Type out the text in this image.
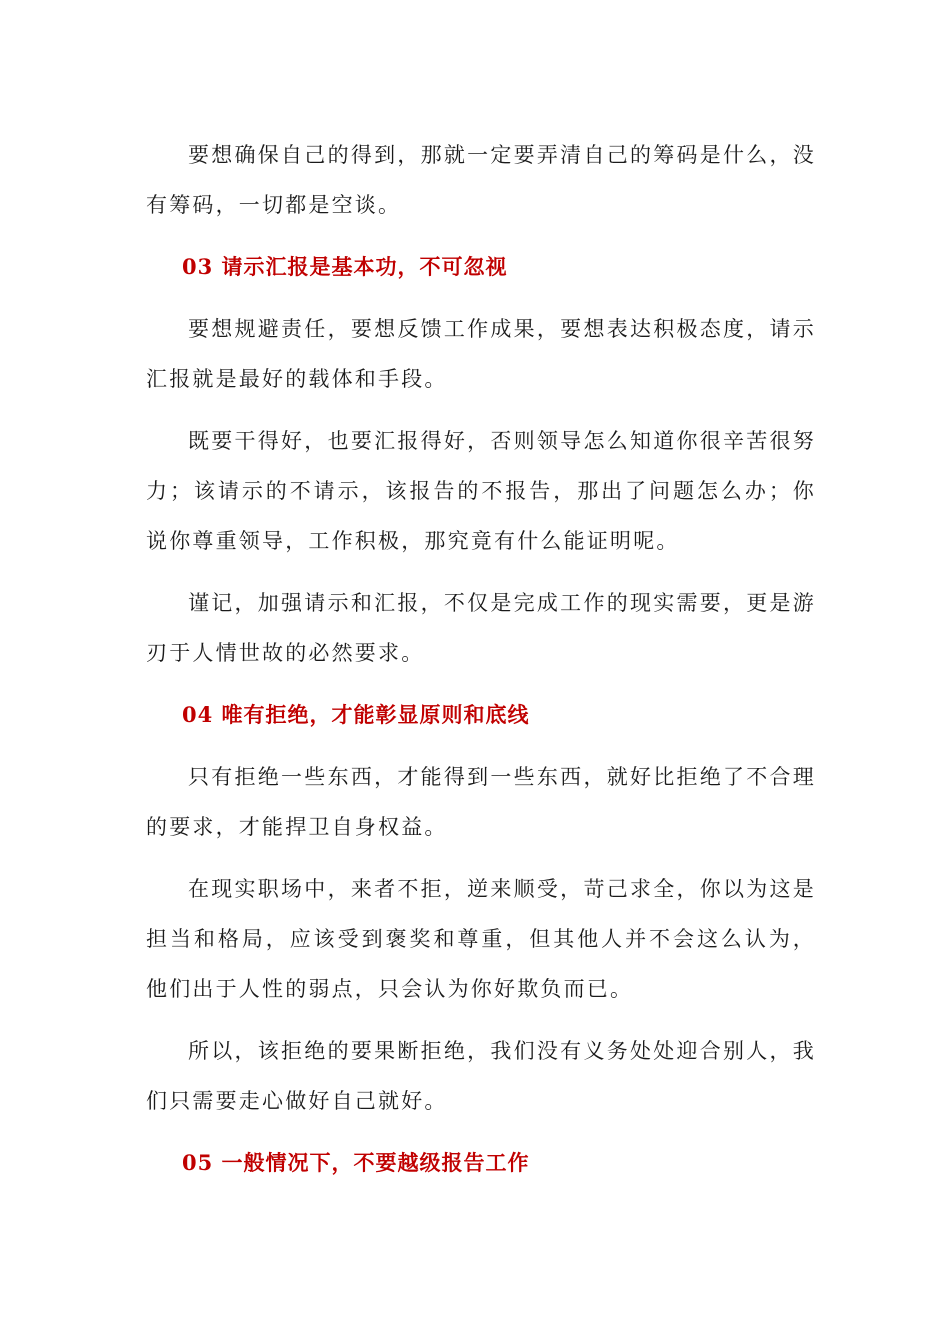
要想确保自己的得到，那就一定要弄清自己的筹码是什么，没有筹码，一切都是空谈。

03 请示汇报是基本功，不可忽视

要想规避责任，要想反馈工作成果，要想表达积极态度，请示汇报就是最好的载体和手段。

既要干得好，也要汇报得好，否则领导怎么知道你很辛苦很努力；该请示的不请示，该报告的不报告，那出了问题怎么办；你说你尊重领导，工作积极，那究竟有什么能证明呢。

谨记，加强请示和汇报，不仅是完成工作的现实需要，更是游刃于人情世故的必然要求。

04 唯有拒绝，才能彰显原则和底线

只有拒绝一些东西，才能得到一些东西，就好比拒绝了不合理的要求，才能捍卫自身权益。

在现实职场中，来者不拒，逆来顺受，苛己求全，你以为这是担当和格局，应该受到褒奖和尊重，但其他人并不会这么认为，他们出于人性的弱点，只会认为你好欺负而已。

所以，该拒绝的要果断拒绝，我们没有义务处处迎合别人，我们只需要走心做好自己就好。

05 一般情况下，不要越级报告工作
